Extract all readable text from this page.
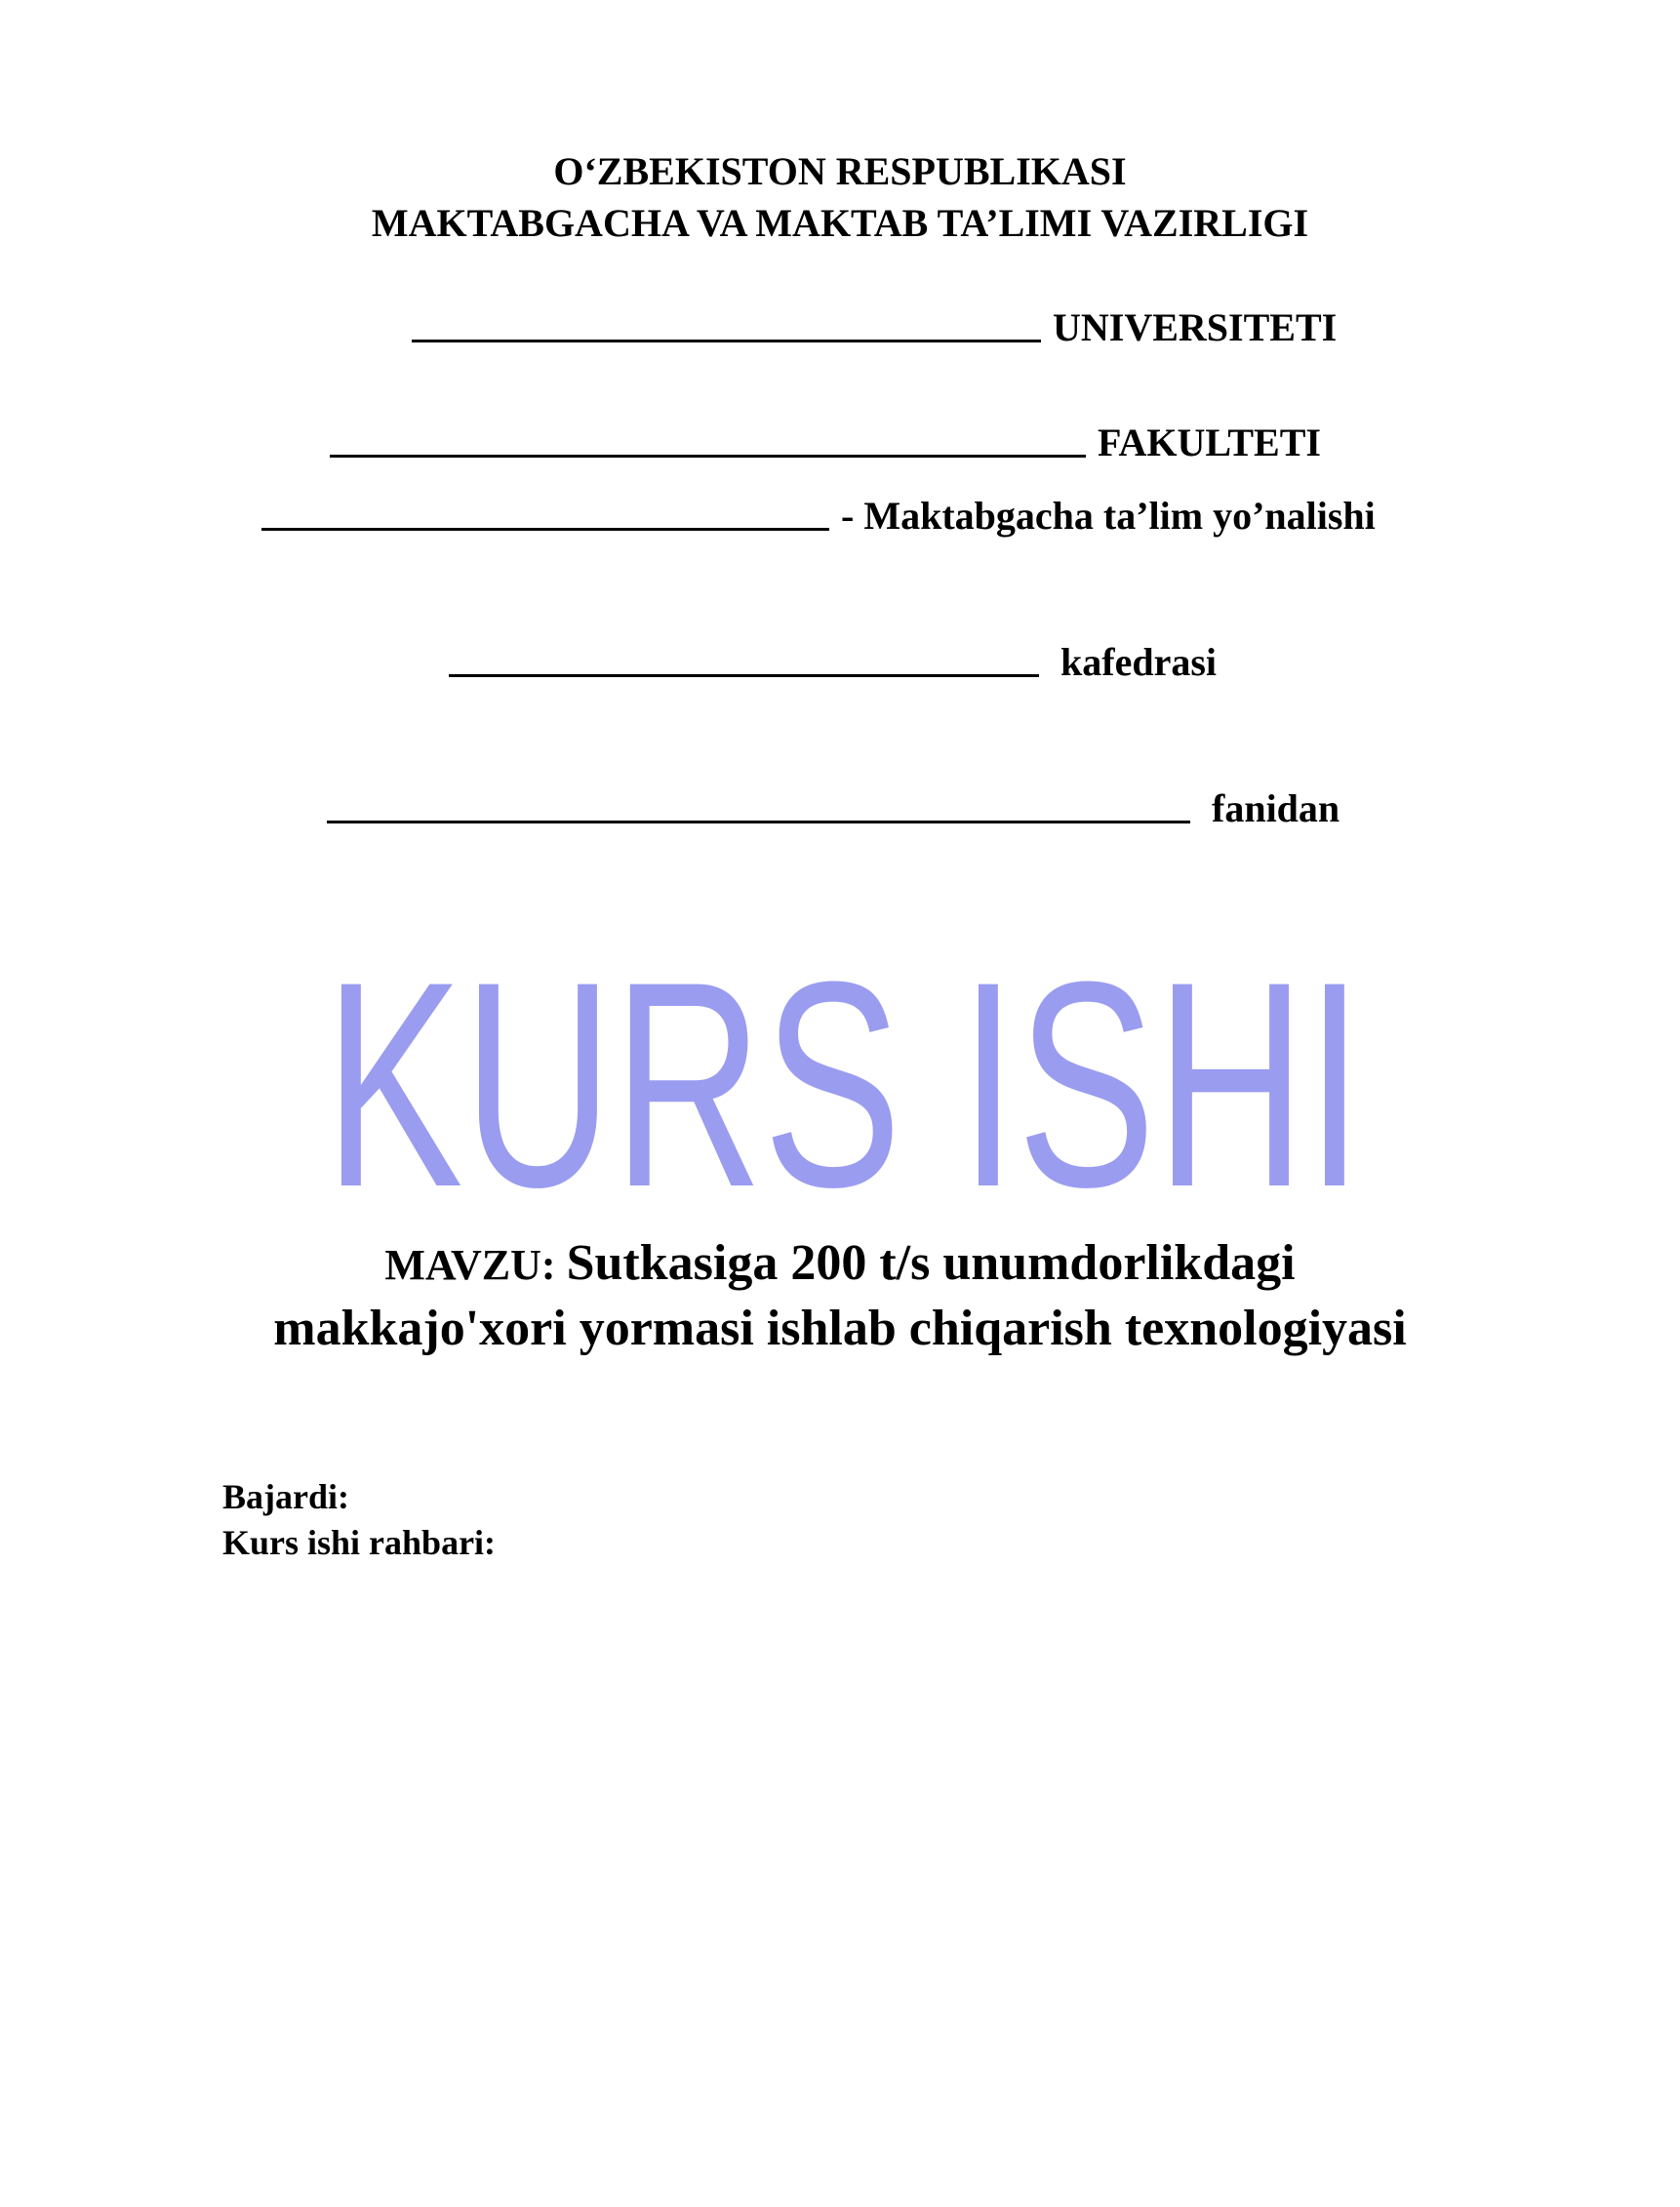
O‘ZBEKISTON RESPUBLIKASI
MAKTABGACHA VA MAKTAB TA’LIMI VAZIRLIGI
UNIVERSITETI
FAKULTETI
- Maktabgacha ta’lim yo’nalishi
kafedrasi
fanidan
KURS ISHI
MAVZU: Sutkasiga 200 t/s unumdorlikdagi
makkajo'xori yormasi ishlab chiqarish texnologiyasi
Bajardi:
Kurs ishi rahbari:
